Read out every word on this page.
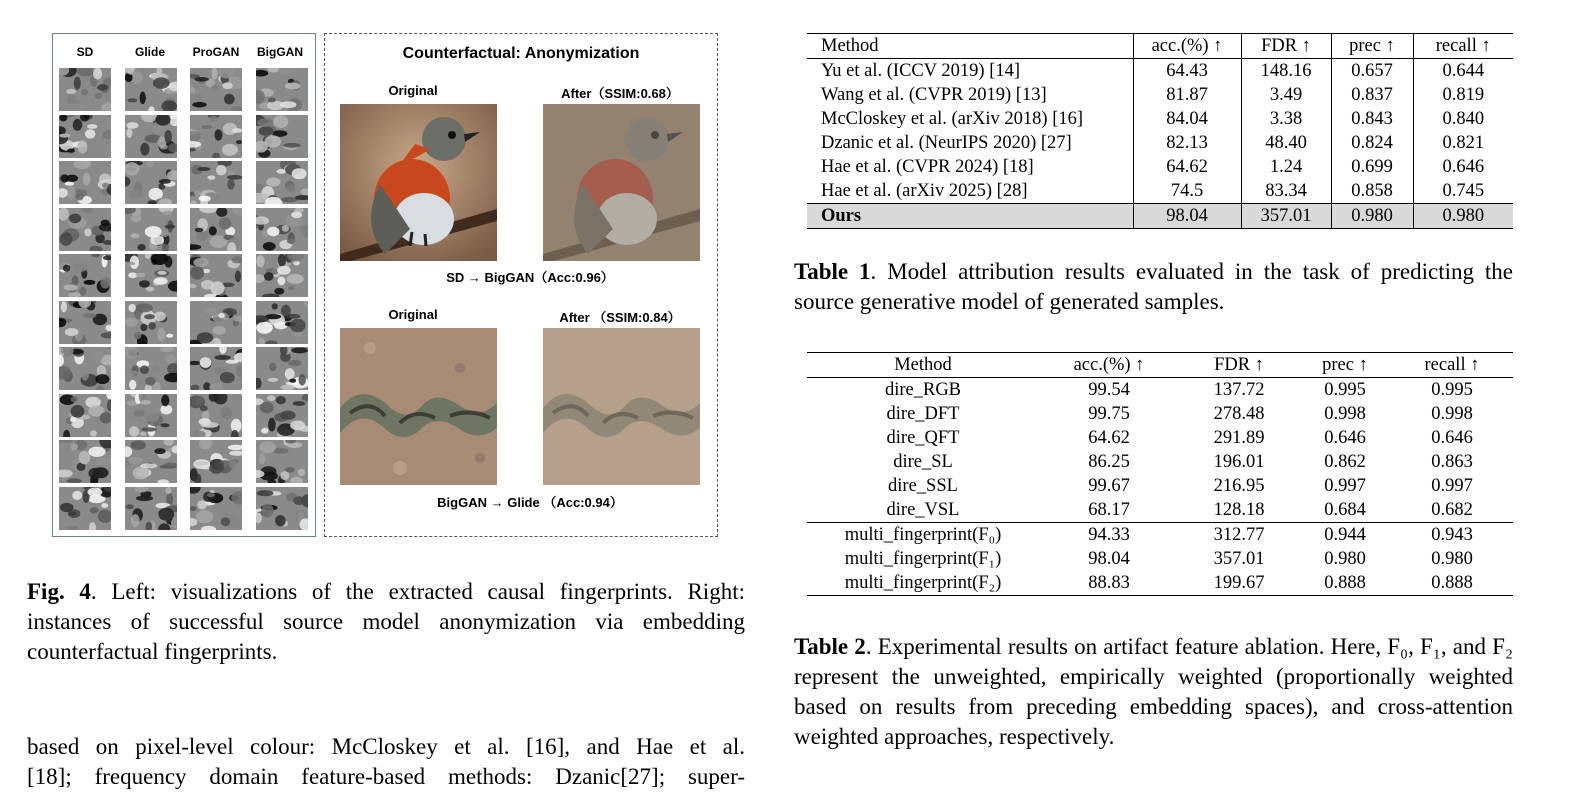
SD	Glide	ProGAN	BigGAN	Counterfactual: Anonymization
Original	After（SSIM:0.68）
SD → BigGAN（Acc:0.96）
Original	After （SSIM:0.84）
BigGAN → Glide （Acc:0.94）
Fig. 4. Left: visualizations of the extracted causal fingerprints. Right: instances of successful source model anonymization via embedding counterfactual fingerprints.
based on pixel-level colour: McCloskey et al. [16], and Hae et al.
[18]; frequency domain feature-based methods: Dzanic[27]; super-
Method	acc.(%) ↑	FDR ↑	prec ↑	recall ↑
Yu et al. (ICCV 2019) [14]	64.43	148.16	0.657	0.644
Wang et al. (CVPR 2019) [13]	81.87	3.49	0.837	0.819
McCloskey et al. (arXiv 2018) [16]	84.04	3.38	0.843	0.840
Dzanic et al. (NeurIPS 2020) [27]	82.13	48.40	0.824	0.821
Hae et al. (CVPR 2024) [18]	64.62	1.24	0.699	0.646
Hae et al. (arXiv 2025) [28]	74.5	83.34	0.858	0.745
Ours	98.04	357.01	0.980	0.980
Table 1. Model attribution results evaluated in the task of predicting the source generative model of generated samples.
Method	acc.(%) ↑	FDR ↑	prec ↑	recall ↑
dire_RGB	99.54	137.72	0.995	0.995
dire_DFT	99.75	278.48	0.998	0.998
dire_QFT	64.62	291.89	0.646	0.646
dire_SL	86.25	196.01	0.862	0.863
dire_SSL	99.67	216.95	0.997	0.997
dire_VSL	68.17	128.18	0.684	0.682
multi_fingerprint(F₀)	94.33	312.77	0.944	0.943
multi_fingerprint(F₁)	98.04	357.01	0.980	0.980
multi_fingerprint(F₂)	88.83	199.67	0.888	0.888
Table 2. Experimental results on artifact feature ablation. Here, F₀, F₁, and F₂ represent the unweighted, empirically weighted (proportionally weighted based on results from preceding embedding spaces), and cross-attention weighted approaches, respectively.
